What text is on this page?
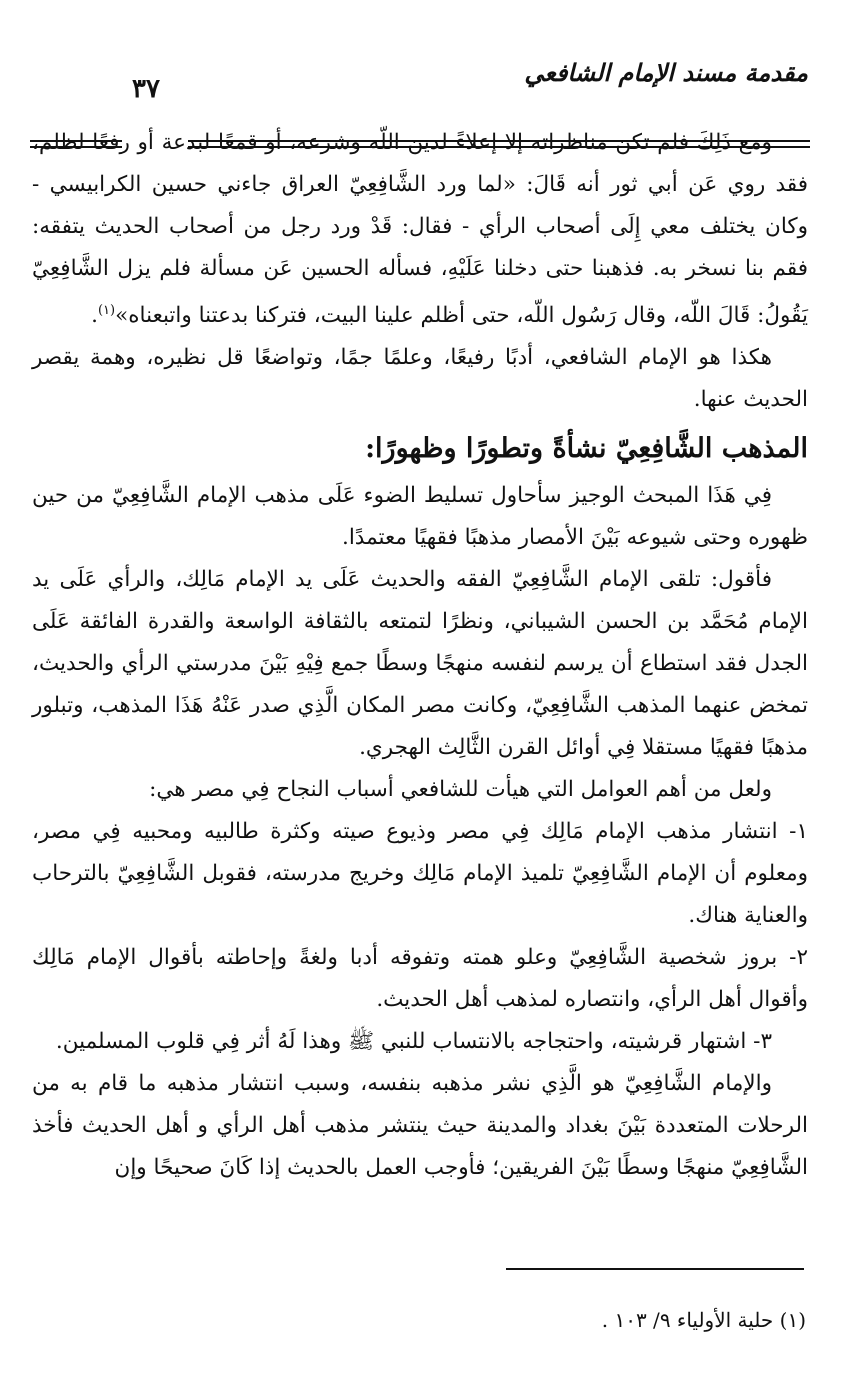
مقدمة مسند الإمام الشافعي
٣٧

ومع ذَلِكَ فلم تكن مناظراته إلا إعلاءً لدين اللّه وشرعه، أو قمعًا لبدعة أو رفعًا لظلم، فقد روي عَن أبي ثور أنه قَالَ: «لما ورد الشَّافِعِيّ العراق جاءني حسين الكرابيسي - وكان يختلف معي إِلَى أصحاب الرأي - فقال: قَدْ ورد رجل من أصحاب الحديث يتفقه: فقم بنا نسخر به. فذهبنا حتى دخلنا عَلَيْهِ، فسأله الحسين عَن مسألة فلم يزل الشَّافِعِيّ يَقُولُ: قَالَ اللّه، وقال رَسُول اللّه، حتى أظلم علينا البيت، فتركنا بدعتنا واتبعناه»$^{(١)}$.

هكذا هو الإمام الشافعي، أدبًا رفيعًا، وعلمًا جمًا، وتواضعًا قل نظيره، وهمة يقصر الحديث عنها.

المذهب الشَّافِعِيّ نشأةً وتطورًا وظهورًا:

فِي هَذَا المبحث الوجيز سأحاول تسليط الضوء عَلَى مذهب الإمام الشَّافِعِيّ من حين ظهوره وحتى شيوعه بَيْنَ الأمصار مذهبًا فقهيًا معتمدًا.

فأقول: تلقى الإمام الشَّافِعِيّ الفقه والحديث عَلَى يد الإمام مَالِك، والرأي عَلَى يد الإمام مُحَمَّد بن الحسن الشيباني، ونظرًا لتمتعه بالثقافة الواسعة والقدرة الفائقة عَلَى الجدل فقد استطاع أن يرسم لنفسه منهجًا وسطًا جمع فِيْهِ بَيْنَ مدرستي الرأي والحديث، تمخض عنهما المذهب الشَّافِعِيّ، وكانت مصر المكان الَّذِي صدر عَنْهُ هَذَا المذهب، وتبلور مذهبًا فقهيًا مستقلا فِي أوائل القرن الثَّالِث الهجري.

ولعل من أهم العوامل التي هيأت للشافعي أسباب النجاح فِي مصر هي:

١- انتشار مذهب الإمام مَالِك فِي مصر وذيوع صيته وكثرة طالبيه ومحبيه فِي مصر، ومعلوم أن الإمام الشَّافِعِيّ تلميذ الإمام مَالِك وخريج مدرسته، فقوبل الشَّافِعِيّ بالترحاب والعناية هناك.

٢- بروز شخصية الشَّافِعِيّ وعلو همته وتفوقه أدبا ولغةً وإحاطته بأقوال الإمام مَالِك وأقوال أهل الرأي، وانتصاره لمذهب أهل الحديث.

٣- اشتهار قرشيته، واحتجاجه بالانتساب للنبي ﷺ وهذا لَهُ أثر فِي قلوب المسلمين.

والإمام الشَّافِعِيّ هو الَّذِي نشر مذهبه بنفسه، وسبب انتشار مذهبه ما قام به من الرحلات المتعددة بَيْنَ بغداد والمدينة حيث ينتشر مذهب أهل الرأي و أهل الحديث فأخذ الشَّافِعِيّ منهجًا وسطًا بَيْنَ الفريقين؛ فأوجب العمل بالحديث إذا كَانَ صحيحًا وإن

(١) حلية الأولياء ٩/ ١٠٣ .
